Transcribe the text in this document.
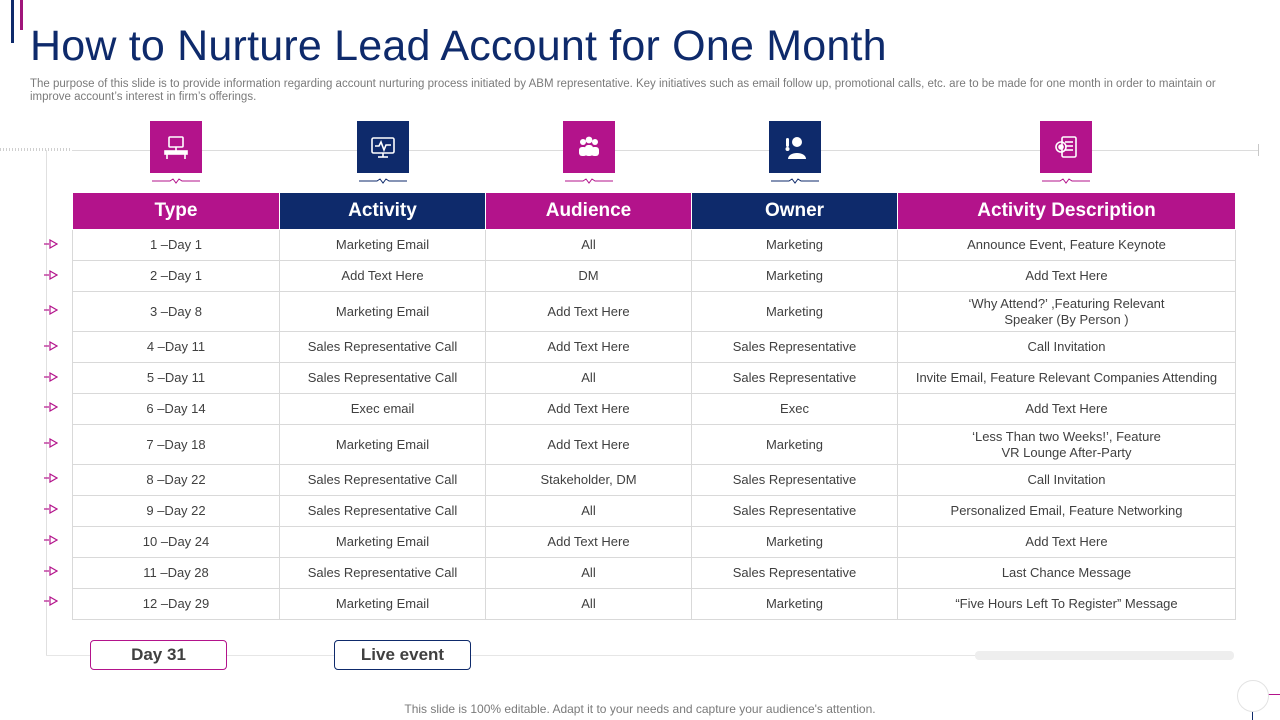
How to Nurture Lead Account for One Month

The purpose of this slide is to provide information regarding account nurturing process initiated by ABM representative. Key initiatives such as email follow up, promotional calls, etc. are to be made for one month in order to maintain or improve account’s interest in firm’s offerings.

Type	Activity	Audience	Owner	Activity Description
1 –Day 1	Marketing Email	All	Marketing	Announce Event, Feature Keynote
2 –Day 1	Add Text Here	DM	Marketing	Add Text Here
3 –Day 8	Marketing Email	Add Text Here	Marketing	‘Why Attend?’ ,Featuring Relevant
Speaker (By Person )
4 –Day 11	Sales Representative Call	Add Text Here	Sales Representative	Call Invitation
5 –Day 11	Sales Representative Call	All	Sales Representative	Invite Email, Feature Relevant Companies Attending
6 –Day 14	Exec email	Add Text Here	Exec	Add Text Here
7 –Day 18	Marketing Email	Add Text Here	Marketing	‘Less Than two Weeks!’, Feature
VR Lounge After-Party
8 –Day 22	Sales Representative Call	Stakeholder, DM	Sales Representative	Call Invitation
9 –Day 22	Sales Representative Call	All	Sales Representative	Personalized Email, Feature Networking
10 –Day 24	Marketing Email	Add Text Here	Marketing	Add Text Here
11 –Day 28	Sales Representative Call	All	Sales Representative	Last Chance Message
12 –Day 29	Marketing Email	All	Marketing	“Five Hours Left To Register” Message
Day 31	Live event
This slide is 100% editable. Adapt it to your needs and capture your audience's attention.
